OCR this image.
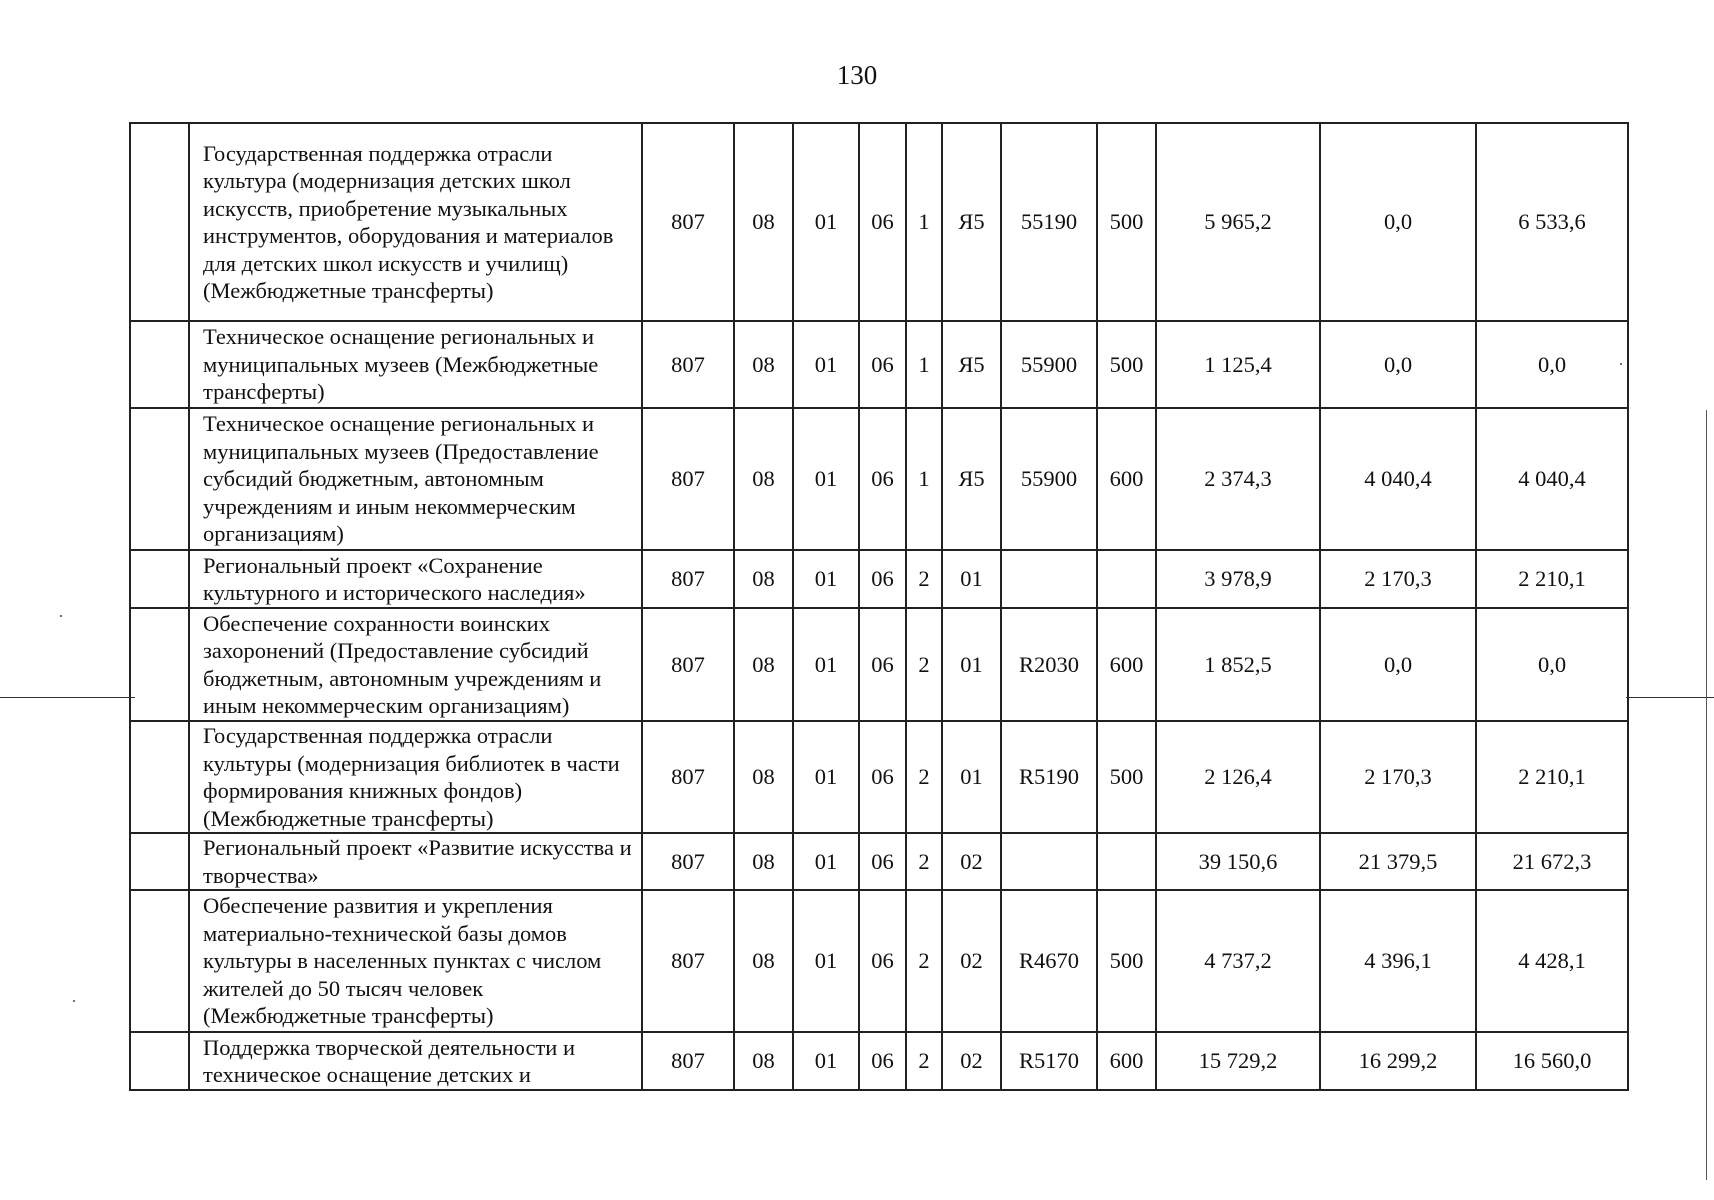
130
	Государственная поддержка отрасли культура (модернизация детских школ искусств, приобретение музыкальных инструментов, оборудования и материалов для детских школ искусств и училищ) (Межбюджетные трансферты)	807	08	01	06	1	Я5	55190	500	5 965,2	0,0	6 533,6
	Техническое оснащение региональных и муниципальных музеев (Межбюджетные трансферты)	807	08	01	06	1	Я5	55900	500	1 125,4	0,0	0,0
	Техническое оснащение региональных и муниципальных музеев (Предоставление субсидий бюджетным, автономным учреждениям и иным некоммерческим организациям)	807	08	01	06	1	Я5	55900	600	2 374,3	4 040,4	4 040,4
	Региональный проект «Сохранение культурного и исторического наследия»	807	08	01	06	2	01			3 978,9	2 170,3	2 210,1
	Обеспечение сохранности воинских захоронений (Предоставление субсидий бюджетным, автономным учреждениям и иным некоммерческим организациям)	807	08	01	06	2	01	R2030	600	1 852,5	0,0	0,0
	Государственная поддержка отрасли культуры (модернизация библиотек в части формирования книжных фондов) (Межбюджетные трансферты)	807	08	01	06	2	01	R5190	500	2 126,4	2 170,3	2 210,1
	Региональный проект «Развитие искусства и творчества»	807	08	01	06	2	02			39 150,6	21 379,5	21 672,3
	Обеспечение развития и укрепления материально-технической базы домов культуры в населенных пунктах с числом жителей до 50 тысяч человек (Межбюджетные трансферты)	807	08	01	06	2	02	R4670	500	4 737,2	4 396,1	4 428,1
	Поддержка творческой деятельности и техническое оснащение детских и	807	08	01	06	2	02	R5170	600	15 729,2	16 299,2	16 560,0
